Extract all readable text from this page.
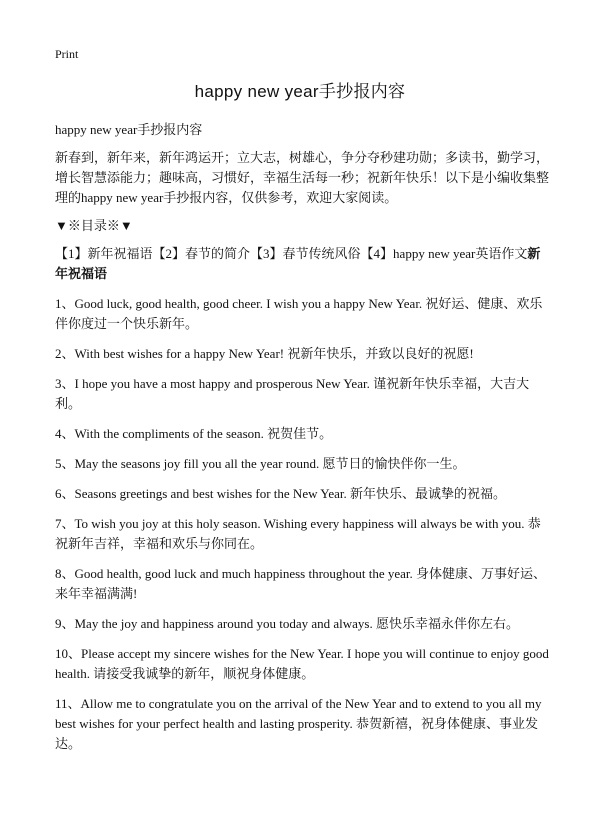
Print
happy new year手抄报内容

happy new year手抄报内容

新春到，新年来，新年鸿运开；立大志，树雄心，争分夺秒建功勋；多读书，勤学习，增长智慧添能力；趣味高，习惯好，幸福生活每一秒；祝新年快乐！以下是小编收集整理的happy new year手抄报内容，仅供参考，欢迎大家阅读。

▼※目录※▼

【1】新年祝福语【2】春节的简介【3】春节传统风俗【4】happy new year英语作文新年祝福语

1、Good luck, good health, good cheer. I wish you a happy New Year. 祝好运、健康、欢乐伴你度过一个快乐新年。

2、With best wishes for a happy New Year! 祝新年快乐，并致以良好的祝愿!

3、I hope you have a most happy and prosperous New Year. 谨祝新年快乐幸福，大吉大利。

4、With the compliments of the season. 祝贺佳节。

5、May the seasons joy fill you all the year round. 愿节日的愉快伴你一生。

6、Seasons greetings and best wishes for the New Year. 新年快乐、最诚挚的祝福。

7、To wish you joy at this holy season. Wishing every happiness will always be with you. 恭祝新年吉祥，幸福和欢乐与你同在。

8、Good health, good luck and much happiness throughout the year. 身体健康、万事好运、来年幸福满满!

9、May the joy and happiness around you today and always. 愿快乐幸福永伴你左右。

10、Please accept my sincere wishes for the New Year. I hope you will continue to enjoy good health. 请接受我诚挚的新年，顺祝身体健康。

11、Allow me to congratulate you on the arrival of the New Year and to extend to you all my best wishes for your perfect health and lasting prosperity. 恭贺新禧，祝身体健康、事业发达。
